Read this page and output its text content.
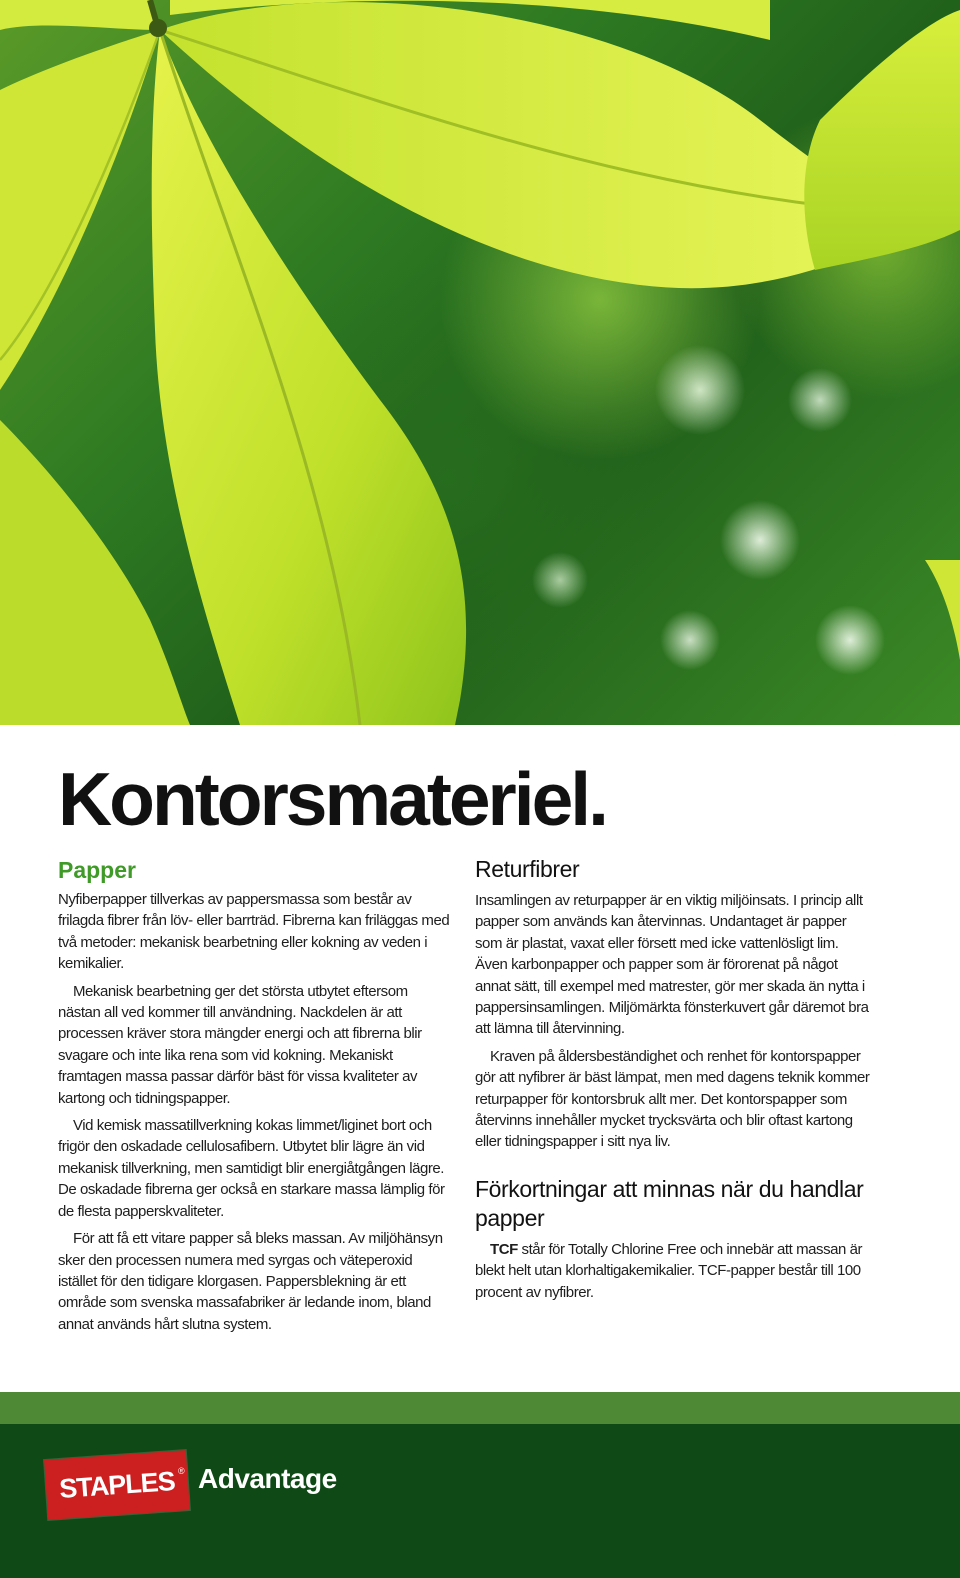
Kontorsmateriel.
Papper

Nyfiberpapper tillverkas av pappersmassa som består av frilagda fibrer från löv- eller barrträd. Fibrerna kan friläggas med två metoder: mekanisk bearbetning eller kokning av veden i kemikalier.

Mekanisk bearbetning ger det största utbytet eftersom nästan all ved kommer till användning. Nackdelen är att processen kräver stora mängder energi och att fibrerna blir svagare och inte lika rena som vid kokning. Mekaniskt framtagen massa passar därför bäst för vissa kvaliteter av kartong och tidningspapper.

Vid kemisk massatillverkning kokas limmet/liginet bort och frigör den oskadade cellulosafibern. Utbytet blir lägre än vid mekanisk tillverkning, men samtidigt blir energiåtgången lägre. De oskadade fibrerna ger också en starkare massa lämplig för de flesta papperskvaliteter.

För att få ett vitare papper så bleks massan. Av miljöhänsyn sker den processen numera med syrgas och väteperoxid istället för den tidigare klorgasen. Pappersblekning är ett område som svenska massafabriker är ledande inom, bland annat används hårt slutna system.

Returfibrer

Insamlingen av returpapper är en viktig miljöinsats. I princip allt papper som används kan återvinnas. Undantaget är papper som är plastat, vaxat eller försett med icke vattenlösligt lim. Även karbonpapper och papper som är förorenat på något annat sätt, till exempel med matrester, gör mer skada än nytta i pappersinsamlingen. Miljömärkta fönsterkuvert går däremot bra att lämna till återvinning.

Kraven på åldersbeständighet och renhet för kontorspapper gör att nyfibrer är bäst lämpat, men med dagens teknik kommer returpapper för kontorsbruk allt mer. Det kontorspapper som återvinns innehåller mycket trycksvärta och blir oftast kartong eller tidningspapper i sitt nya liv.

Förkortningar att minnas när du handlar papper

TCF står för Totally Chlorine Free och innebär att massan är blekt helt utan klorhaltigakemikalier. TCF-papper består till 100 procent av nyfibrer.

STAPLES ® Advantage
